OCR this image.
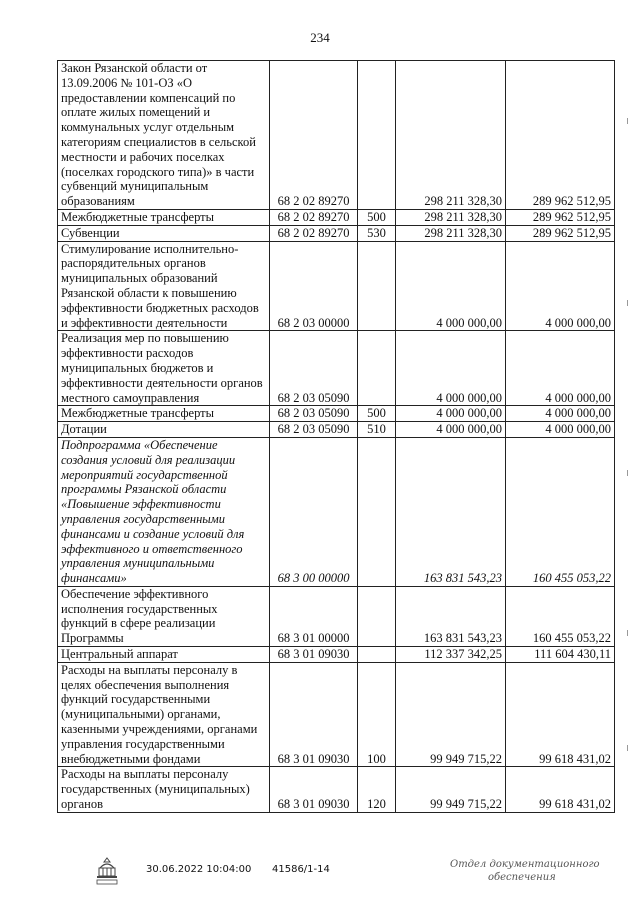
234
Закон Рязанской области от 13.09.2006 № 101-ОЗ «О предоставлении компенсаций по оплате жилых помещений и коммунальных услуг отдельным категориям специалистов в сельской местности и рабочих поселках (поселках городского типа)» в части субвенций муниципальным образованиям	68 2 02 89270		298 211 328,30	289 962 512,95
Межбюджетные трансферты	68 2 02 89270	500	298 211 328,30	289 962 512,95
Субвенции	68 2 02 89270	530	298 211 328,30	289 962 512,95
Стимулирование исполнительно-распорядительных органов муниципальных образований Рязанской области к повышению эффективности бюджетных расходов и эффективности деятельности	68 2 03 00000		4 000 000,00	4 000 000,00
Реализация мер по повышению эффективности расходов муниципальных бюджетов и эффективности деятельности органов местного самоуправления	68 2 03 05090		4 000 000,00	4 000 000,00
Межбюджетные трансферты	68 2 03 05090	500	4 000 000,00	4 000 000,00
Дотации	68 2 03 05090	510	4 000 000,00	4 000 000,00
Подпрограмма «Обеспечение создания условий для реализации мероприятий государственной программы Рязанской области «Повышение эффективности управления государственными финансами и создание условий для эффективного и ответственного управления муниципальными финансами»	68 3 00 00000		163 831 543,23	160 455 053,22
Обеспечение эффективного исполнения государственных функций в сфере реализации Программы	68 3 01 00000		163 831 543,23	160 455 053,22
Центральный аппарат	68 3 01 09030		112 337 342,25	111 604 430,11
Расходы на выплаты персоналу в целях обеспечения выполнения функций государственными (муниципальными) органами, казенными учреждениями, органами управления государственными внебюджетными фондами	68 3 01 09030	100	99 949 715,22	99 618 431,02
Расходы на выплаты персоналу государственных (муниципальных) органов	68 3 01 09030	120	99 949 715,22	99 618 431,02
30.06.2022 10:04:00 41586/1-14	Отдел документационного
обеспечения
